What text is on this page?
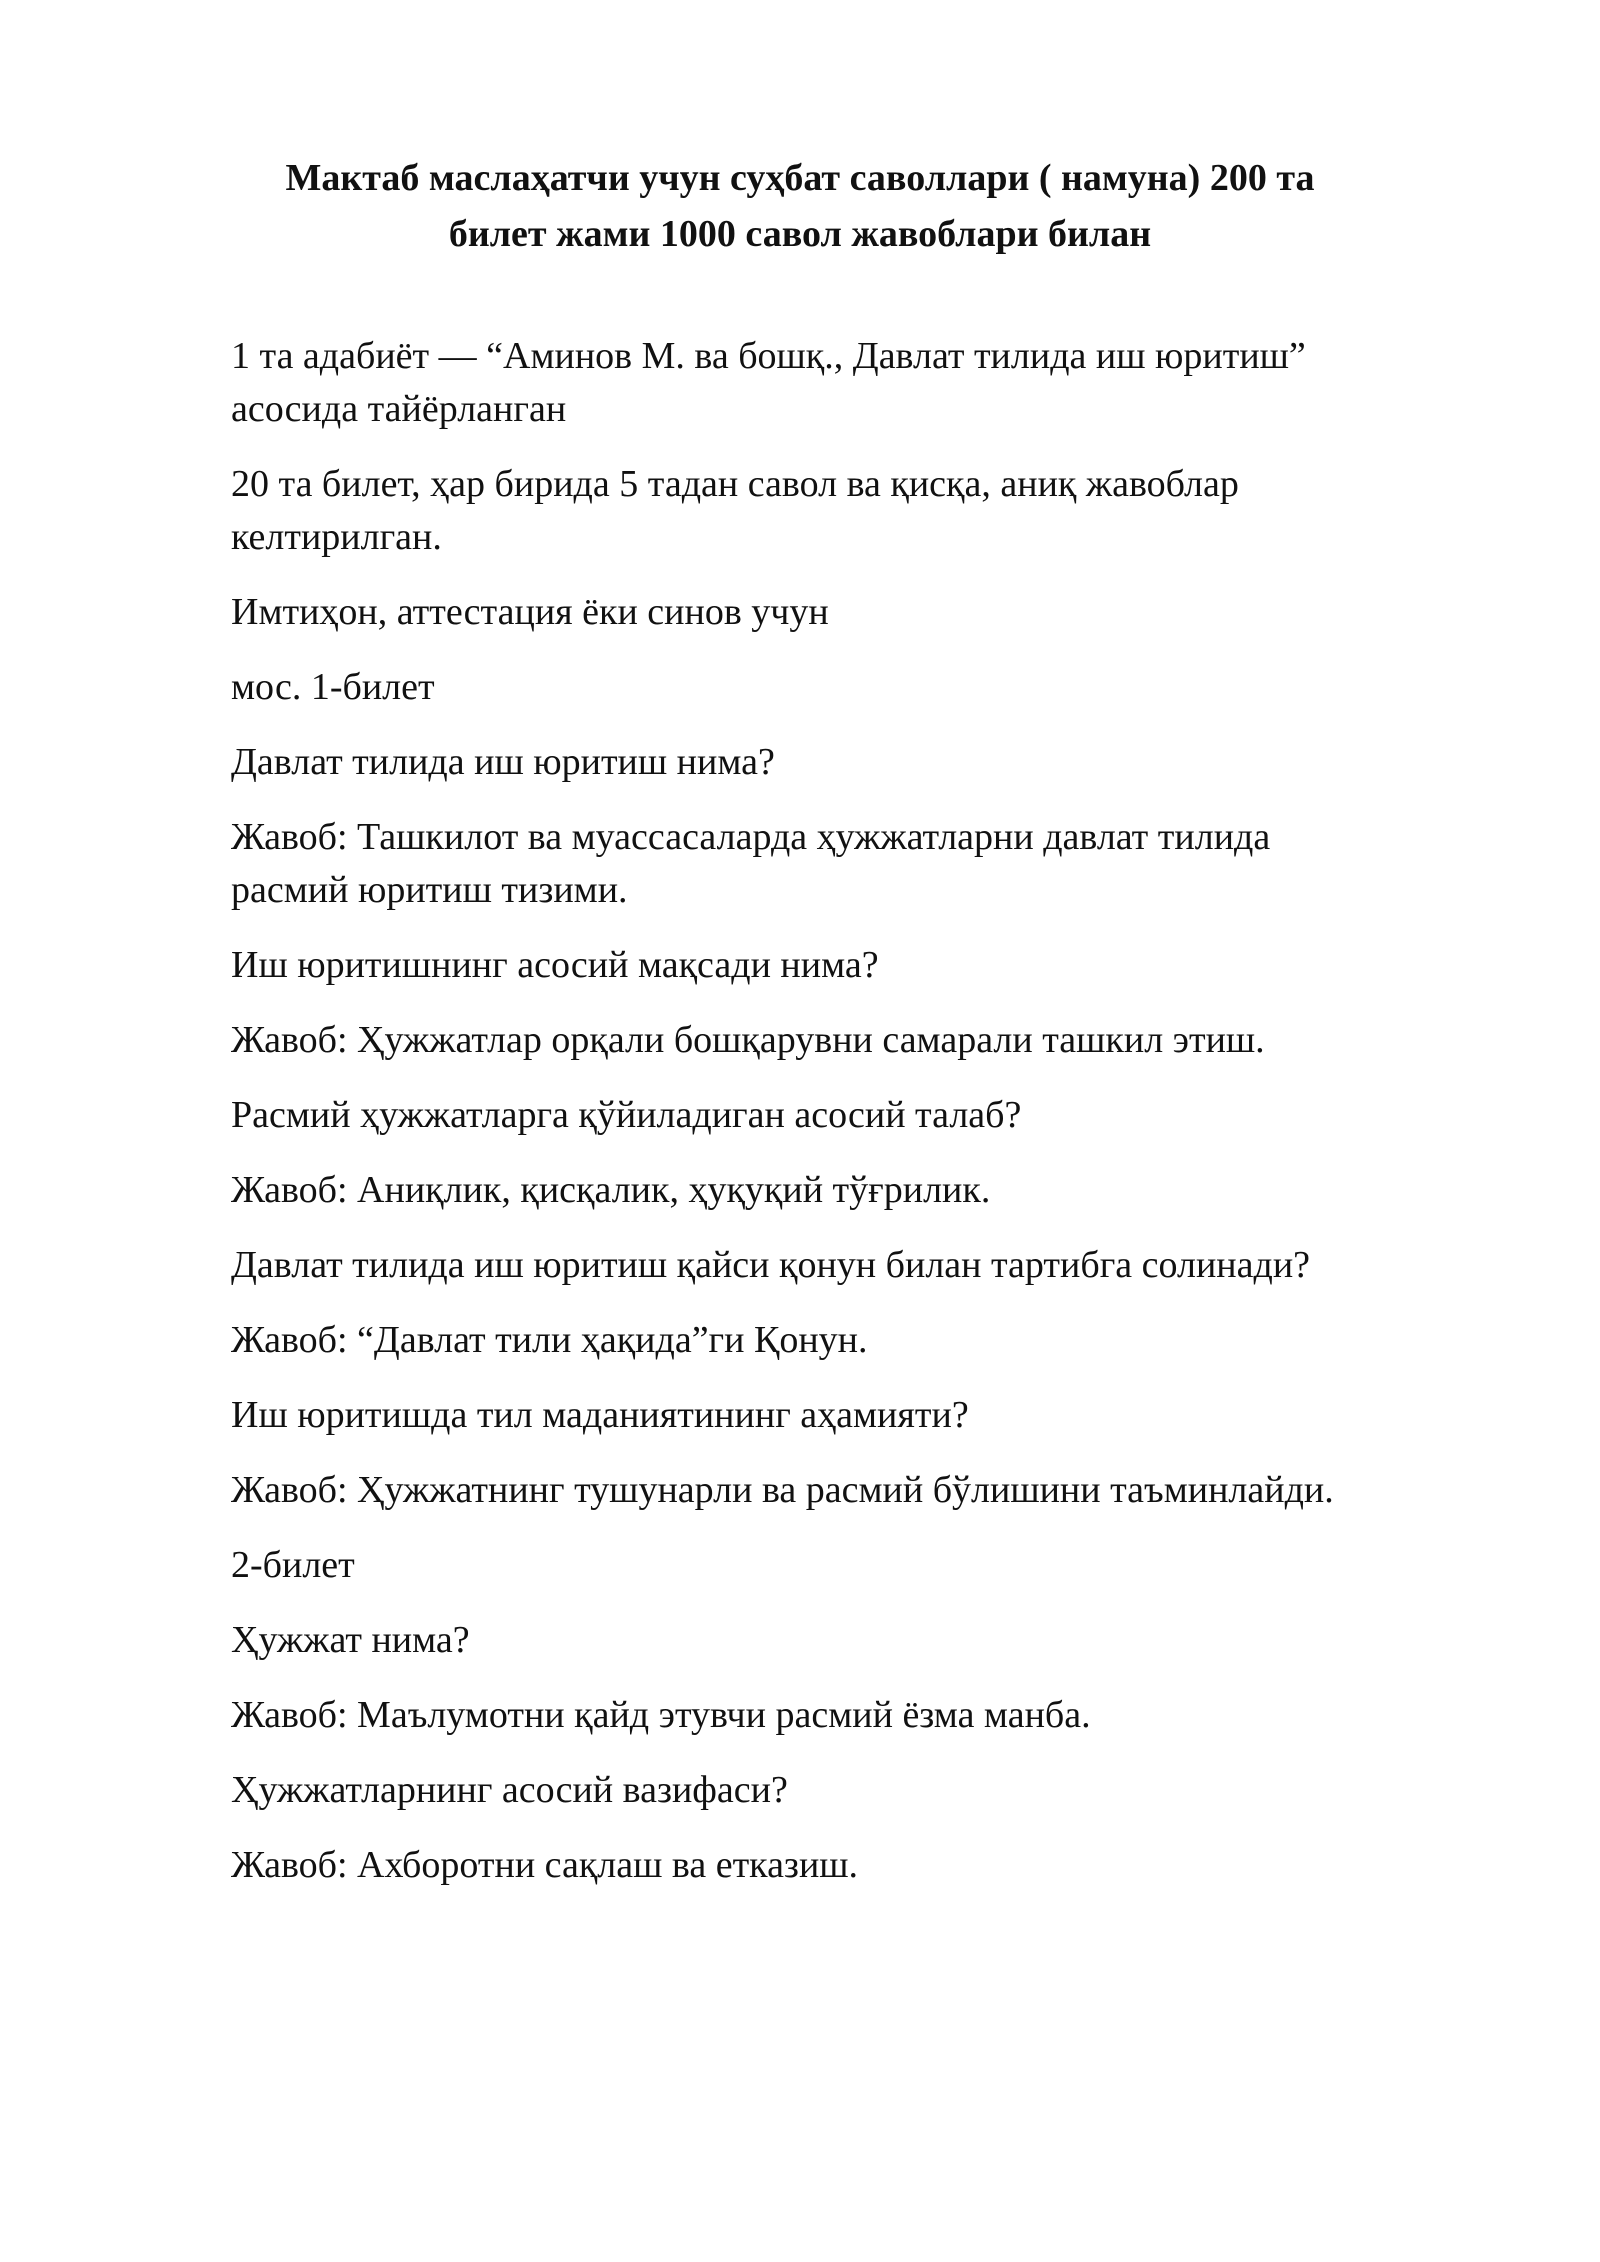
Мактаб маслаҳатчи учун суҳбат саволлари ( намуна) 200 та
билет жами 1000 савол жавоблари билан

1 та адабиёт — “Аминов М. ва бошқ., Давлат тилида иш юритиш”
асосида тайёрланган

20 та билет, ҳар бирида 5 тадан савол ва қисқа, аниқ жавоблар
келтирилган.

Имтиҳон, аттестация ёки синов учун

мос. 1-билет

Давлат тилида иш юритиш нима?

Жавоб: Ташкилот ва муассасаларда ҳужжатларни давлат тилида
расмий юритиш тизими.

Иш юритишнинг асосий мақсади нима?

Жавоб: Ҳужжатлар орқали бошқарувни самарали ташкил этиш.

Расмий ҳужжатларга қўйиладиган асосий талаб?

Жавоб: Аниқлик, қисқалик, ҳуқуқий тўғрилик.

Давлат тилида иш юритиш қайси қонун билан тартибга солинади?

Жавоб: “Давлат тили ҳақида”ги Қонун.

Иш юритишда тил маданиятининг аҳамияти?

Жавоб: Ҳужжатнинг тушунарли ва расмий бўлишини таъминлайди.

2-билет

Ҳужжат нима?

Жавоб: Маълумотни қайд этувчи расмий ёзма манба.

Ҳужжатларнинг асосий вазифаси?

Жавоб: Ахборотни сақлаш ва етказиш.
